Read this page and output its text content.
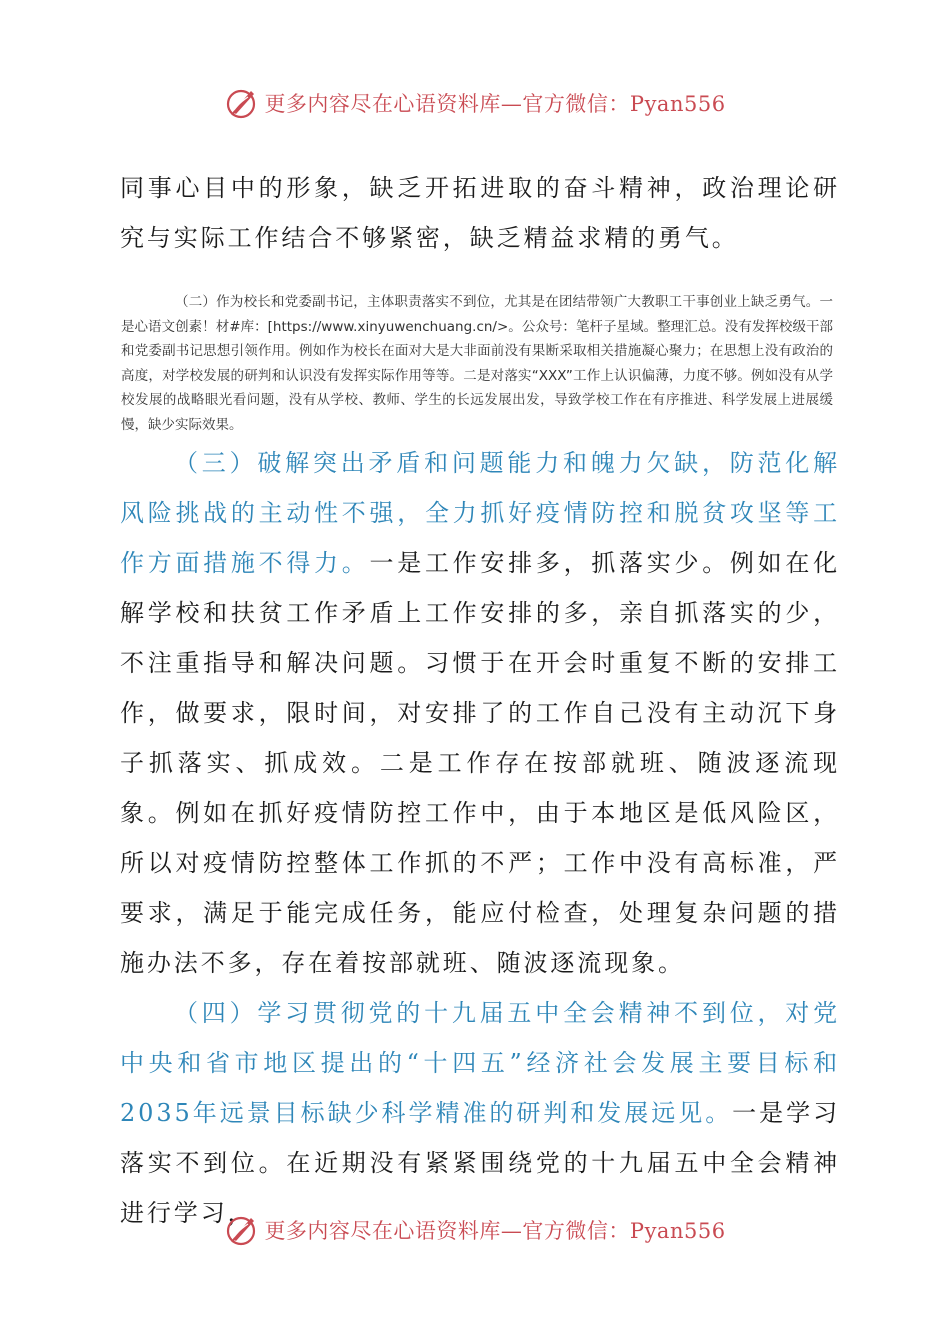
更多内容尽在心语资料库—官方微信：Pyan556

同事心目中的形象，缺乏开拓进取的奋斗精神，政治理论研究与实际工作结合不够紧密，缺乏精益求精的勇气。

（二）作为校长和党委副书记，主体职责落实不到位，尤其是在团结带领广大教职工干事创业上缺乏勇气。一是心语文创素！材#库：[https://www.xinyuwenchuang.cn/>。公众号：笔杆子星域。整理汇总。没有发挥校级干部和党委副书记思想引领作用。例如作为校长在面对大是大非面前没有果断采取相关措施凝心聚力；在思想上没有政治的高度，对学校发展的研判和认识没有发挥实际作用等等。二是对落实“XXX”工作上认识偏薄，力度不够。例如没有从学校发展的战略眼光看问题，没有从学校、教师、学生的长远发展出发，导致学校工作在有序推进、科学发展上进展缓慢，缺少实际效果。

（三）破解突出矛盾和问题能力和魄力欠缺，防范化解风险挑战的主动性不强，全力抓好疫情防控和脱贫攻坚等工作方面措施不得力。一是工作安排多，抓落实少。例如在化解学校和扶贫工作矛盾上工作安排的多，亲自抓落实的少，不注重指导和解决问题。习惯于在开会时重复不断的安排工作，做要求，限时间，对安排了的工作自己没有主动沉下身子抓落实、抓成效。二是工作存在按部就班、随波逐流现象。例如在抓好疫情防控工作中，由于本地区是低风险区，所以对疫情防控整体工作抓的不严；工作中没有高标准，严要求，满足于能完成任务，能应付检查，处理复杂问题的措施办法不多，存在着按部就班、随波逐流现象。

（四）学习贯彻党的十九届五中全会精神不到位，对党中央和省市地区提出的“十四五”经济社会发展主要目标和2035年远景目标缺少科学精准的研判和发展远见。一是学习落实不到位。在近期没有紧紧围绕党的十九届五中全会精神进行学习，

更多内容尽在心语资料库—官方微信：Pyan556
